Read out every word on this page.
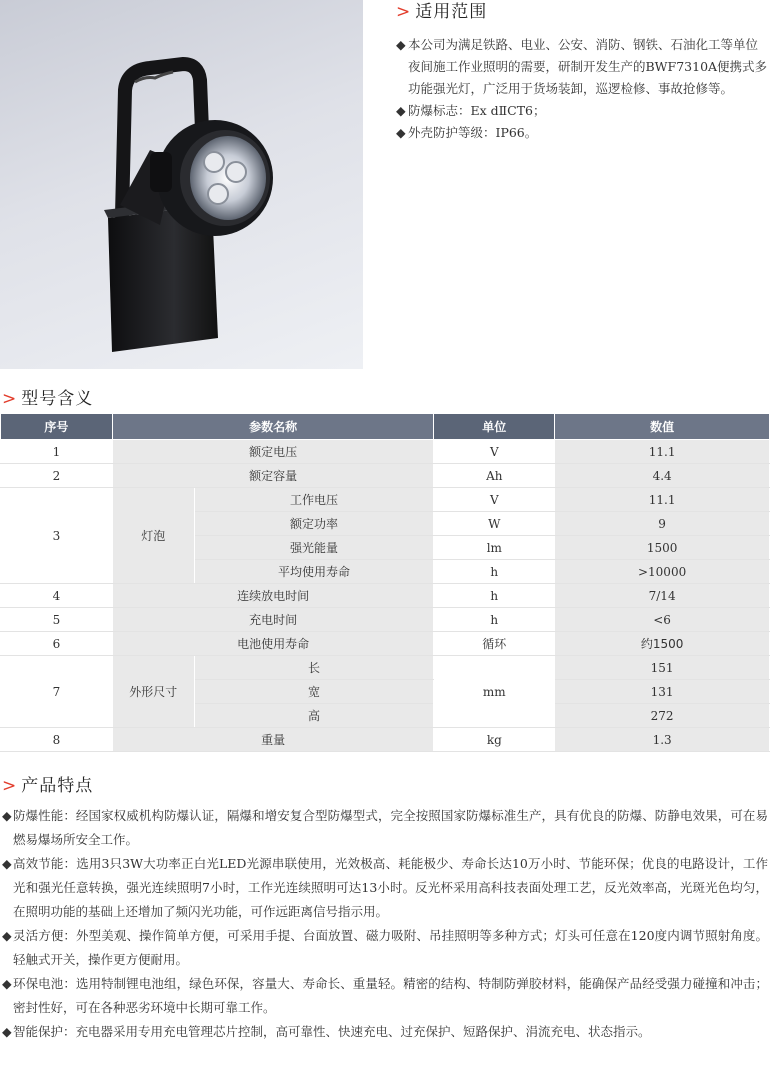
> 适用范围
◆ 本公司为满足铁路、电业、公安、消防、钢铁、石油化工等单位夜间施工作业照明的需要，研制开发生产的BWF7310A便携式多功能强光灯，广泛用于货场装卸，巡逻检修、事故抢修等。
◆ 防爆标志：Ex dⅡCT6；
◆ 外壳防护等级：IP66。
> 型号含义
序号	参数名称		单位	数值
1	额定电压		V	11.1
2	额定容量		Ah	4.4
3	灯泡	工作电压	V	11.1
		额定功率	W	9
		强光能量	lm	1500
		平均使用寿命	h	>10000
4	连续放电时间		h	7/14
5	充电时间		h	<6
6	电池使用寿命		循环	约1500
7	外形尺寸	长	mm	151
		宽		131
		高		272
8	重量		kg	1.3
> 产品特点
◆ 防爆性能：经国家权威机构防爆认证，隔爆和增安复合型防爆型式，完全按照国家防爆标准生产，具有优良的防爆、防静电效果，可在易燃易爆场所安全工作。
◆ 高效节能：选用3只3W大功率正白光LED光源串联使用，光效极高、耗能极少、寿命长达10万小时、节能环保；优良的电路设计，工作光和强光任意转换，强光连续照明7小时，工作光连续照明可达13小时。反光杯采用高科技表面处理工艺，反光效率高，光斑光色均匀，在照明功能的基础上还增加了频闪光功能，可作远距离信号指示用。
◆ 灵活方便：外型美观、操作简单方便，可采用手提、台面放置、磁力吸附、吊挂照明等多种方式；灯头可任意在120度内调节照射角度。轻触式开关，操作更方便耐用。
◆ 环保电池：选用特制锂电池组，绿色环保，容量大、寿命长、重量轻。精密的结构、特制防弹胶材料，能确保产品经受强力碰撞和冲击；密封性好，可在各种恶劣环境中长期可靠工作。
◆ 智能保护：充电器采用专用充电管理芯片控制，高可靠性、快速充电、过充保护、短路保护、涓流充电、状态指示。
